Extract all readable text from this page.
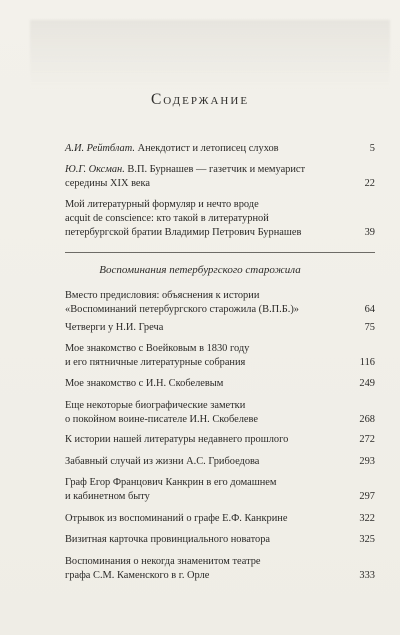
Содержание
А.И. Рейтблат. Анекдотист и летописец слухов	5
Ю.Г. Оксман. В.П. Бурнашев — газетчик и мемуарист
середины XIX века	22
Мой литературный формуляр и нечто вроде
acquit de conscience: кто такой в литературной
петербургской братии Владимир Петрович Бурнашев	39
Воспоминания петербургского старожила
Вместо предисловия: объяснения к истории
«Воспоминаний петербургского старожила (В.П.Б.)»	64
Четверги у Н.И. Греча	75
Мое знакомство с Воейковым в 1830 году
и его пятничные литературные собрания	116
Мое знакомство с И.Н. Скобелевым	249
Еще некоторые биографические заметки
о покойном воине-писателе И.Н. Скобелеве	268
К истории нашей литературы недавнего прошлого	272
Забавный случай из жизни А.С. Грибоедова	293
Граф Егор Францович Канкрин в его домашнем
и кабинетном быту	297
Отрывок из воспоминаний о графе Е.Ф. Канкрине	322
Визитная карточка провинциального новатора	325
Воспоминания о некогда знаменитом театре
графа С.М. Каменского в г. Орле	333
